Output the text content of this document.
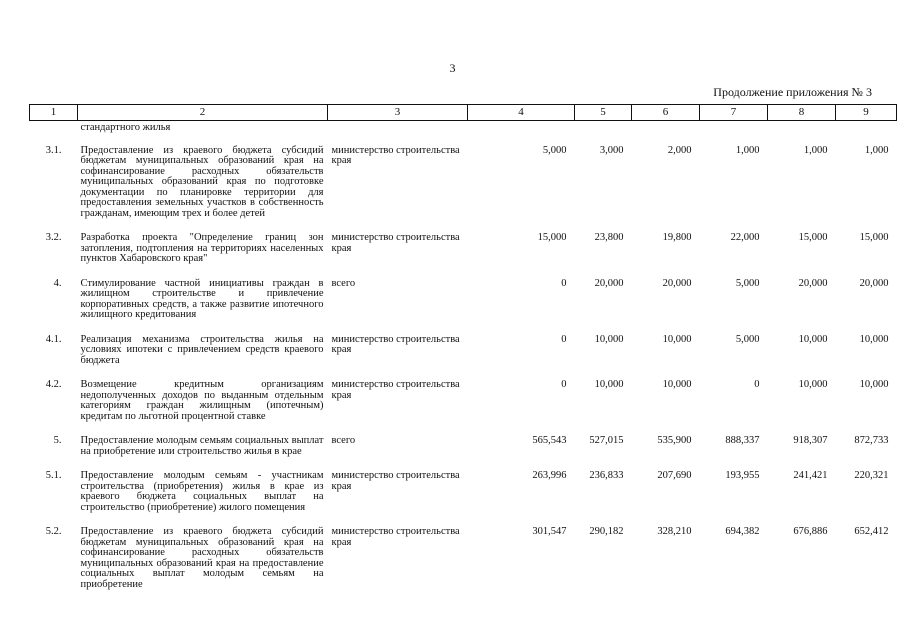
3
Продолжение приложения № 3
1	2	3	4	5	6	7	8	9
	стандартного жилья							
3.1.	Предоставление из краевого бюджета субсидий бюджетам муниципальных образований края на софинансирование расходных обязательств муниципальных образований края по подготовке документации по планировке территории для предоставления земельных участков в собственность гражданам, имеющим трех и более детей	министерство строительства края	5,000	3,000	2,000	1,000	1,000	1,000
3.2.	Разработка проекта "Определение границ зон затопления, подтопления на территориях населенных пунктов Хабаровского края"	министерство строительства края	15,000	23,800	19,800	22,000	15,000	15,000
4.	Стимулирование частной инициативы граждан в жилищном строительстве и привлечение корпоративных средств, а также развитие ипотечного жилищного кредитования	всего	0	20,000	20,000	5,000	20,000	20,000
4.1.	Реализация механизма строительства жилья на условиях ипотеки с привлечением средств краевого бюджета	министерство строительства края	0	10,000	10,000	5,000	10,000	10,000
4.2.	Возмещение кредитным организациям недополученных доходов по выданным отдельным категориям граждан жилищным (ипотечным) кредитам по льготной процентной ставке	министерство строительства края	0	10,000	10,000	0	10,000	10,000
5.	Предоставление молодым семьям социальных выплат на приобретение или строительство жилья в крае	всего	565,543	527,015	535,900	888,337	918,307	872,733
5.1.	Предоставление молодым семьям - участникам строительства (приобретения) жилья в крае из краевого бюджета социальных выплат на строительство (приобретение) жилого помещения	министерство строительства края	263,996	236,833	207,690	193,955	241,421	220,321
5.2.	Предоставление из краевого бюджета субсидий бюджетам муниципальных образований края на софинансирование расходных обязательств муниципальных образований края на предоставление социальных выплат молодым семьям на приобретение	министерство строительства края	301,547	290,182	328,210	694,382	676,886	652,412
